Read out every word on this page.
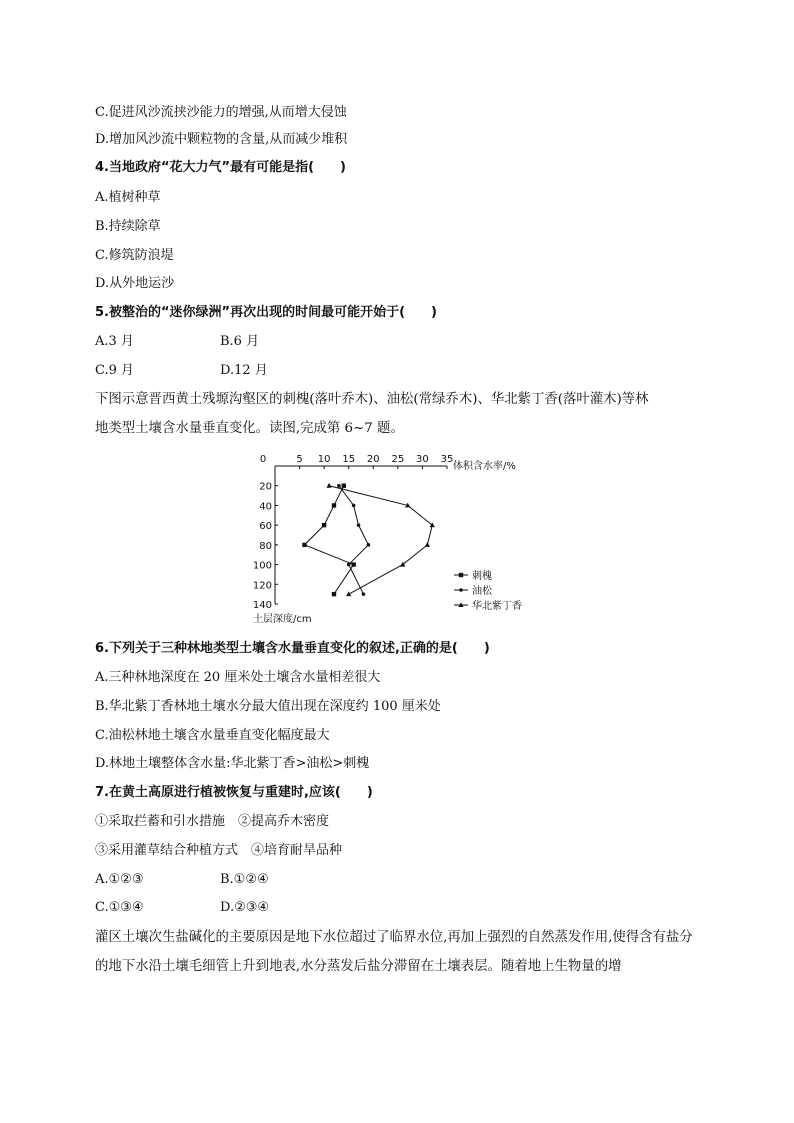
C.促进风沙流挟沙能力的增强,从而增大侵蚀
D.增加风沙流中颗粒物的含量,从而减少堆积
4.当地政府“花大力气”最有可能是指(　　)
A.植树种草
B.持续除草
C.修筑防浪堤
D.从外地运沙
5.被整治的“迷你绿洲”再次出现的时间最可能开始于(　　)
A.3 月	B.6 月
C.9 月	D.12 月
下图示意晋西黄土残塬沟壑区的刺槐(落叶乔木)、油松(常绿乔木)、华北紫丁香(落叶灌木)等林
地类型土壤含水量垂直变化。读图,完成第 6~7 题。
0	5 10 15 20 25 30 35
20
40
60
80
100
120
140
刺槐
油松
华北紫丁香
体积含水率/%
土层深度/cm
6.下列关于三种林地类型土壤含水量垂直变化的叙述,正确的是(　　)
A.三种林地深度在 20 厘米处土壤含水量相差很大
B.华北紫丁香林地土壤水分最大值出现在深度约 100 厘米处
C.油松林地土壤含水量垂直变化幅度最大
D.林地土壤整体含水量:华北紫丁香>油松>刺槐
7.在黄土高原进行植被恢复与重建时,应该(　　)
①采取拦蓄和引水措施　②提高乔木密度
③采用灌草结合种植方式　④培育耐旱品种
A.①②③	B.①②④
C.①③④	D.②③④
灌区土壤次生盐碱化的主要原因是地下水位超过了临界水位,再加上强烈的自然蒸发作用,使得含有盐分的地下水沿土壤毛细管上升到地表,水分蒸发后盐分滞留在土壤表层。随着地上生物量的增
